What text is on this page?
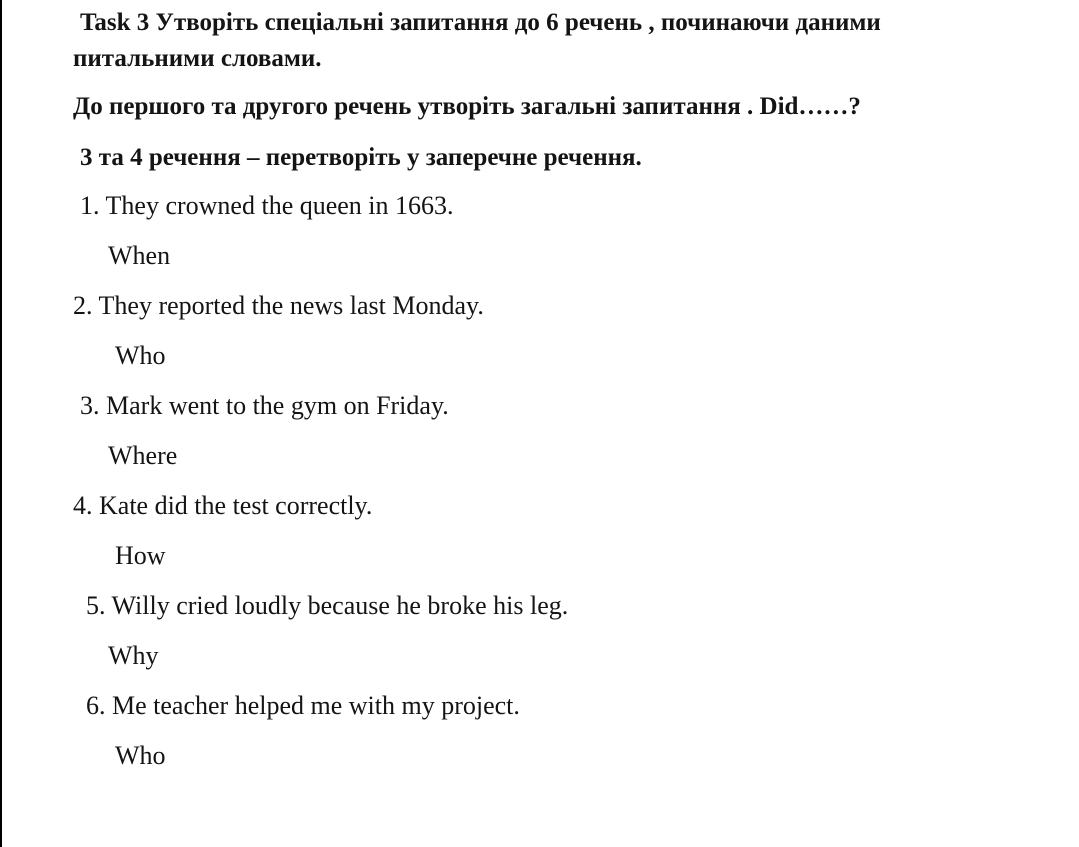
Task 3 Утворіть спеціальні запитання до 6 речень , починаючи даними
питальними словами.
До першого та другого речень утворіть загальні запитання . Did……?
3 та 4 речення – перетворіть у заперечне речення.
1. They crowned the queen in 1663.
When
2. They reported the news last Monday.
Who
3. Mark went to the gym on Friday.
Where
4. Kate did the test correctly.
How
5. Willy cried loudly because he broke his leg.
Why
6. Me teacher helped me with my project.
Who
